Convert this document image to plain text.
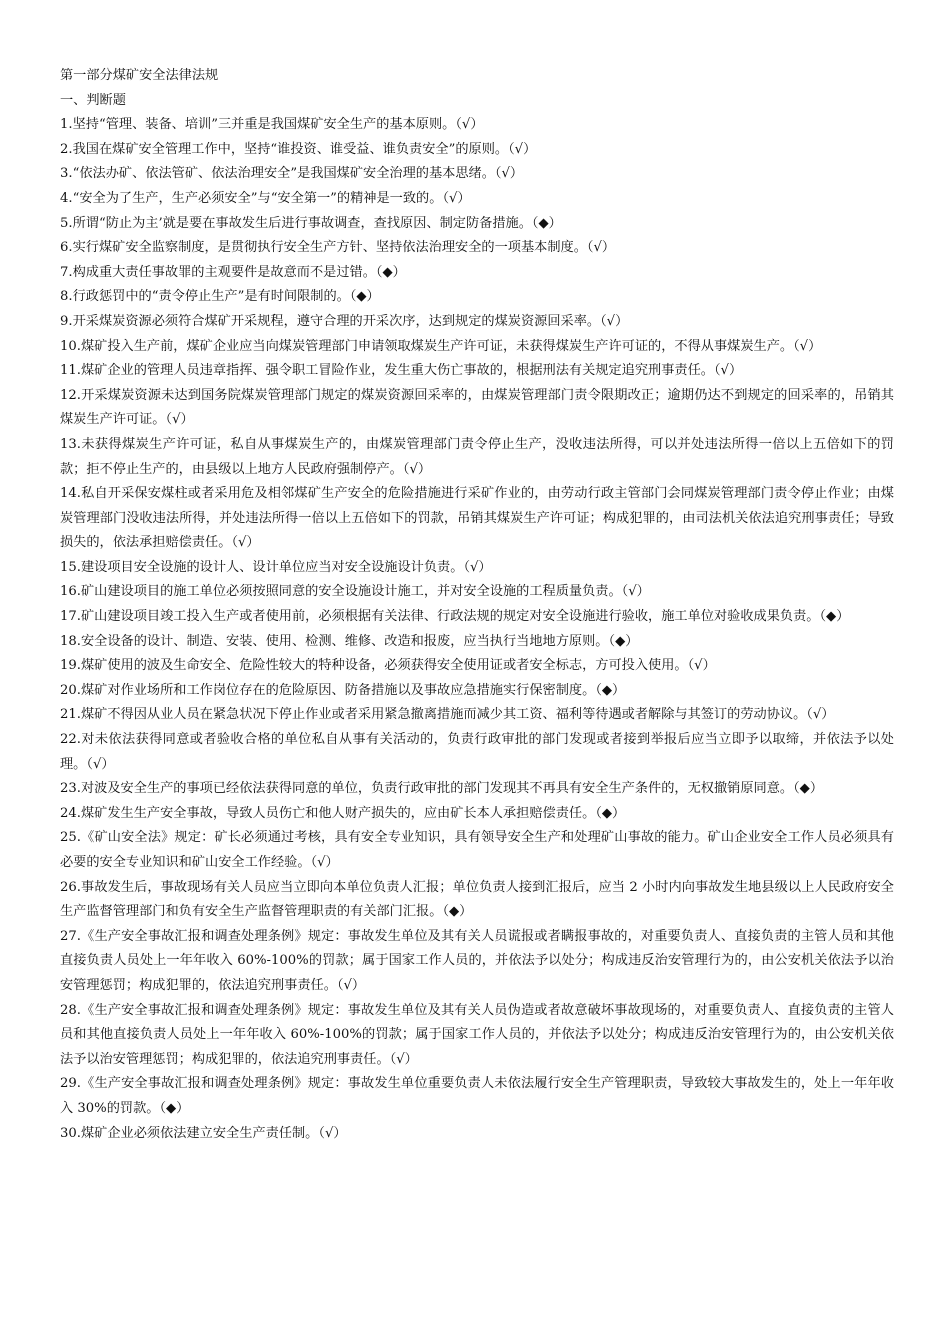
第一部分煤矿安全法律法规

一、判断题

1.坚持“管理、装备、培训”三并重是我国煤矿安全生产的基本原则。（√）

2.我国在煤矿安全管理工作中，坚持“谁投资、谁受益、谁负责安全”的原则。（√）

3.“依法办矿、依法管矿、依法治理安全”是我国煤矿安全治理的基本思绪。（√）

4.“安全为了生产，生产必须安全”与“安全第一”的精神是一致的。（√）

5.所谓“防止为主’就是要在事故发生后进行事故调查，查找原因、制定防备措施。（◆）

6.实行煤矿安全监察制度，是贯彻执行安全生产方针、坚持依法治理安全的一项基本制度。（√）

7.构成重大责任事故罪的主观要件是故意而不是过错。（◆）

8.行政惩罚中的“责令停止生产”是有时间限制的。（◆）

9.开采煤炭资源必须符合煤矿开采规程，遵守合理的开采次序，达到规定的煤炭资源回采率。（√）

10.煤矿投入生产前，煤矿企业应当向煤炭管理部门申请领取煤炭生产许可证，未获得煤炭生产许可证的，不得从事煤炭生产。（√）

11.煤矿企业的管理人员违章指挥、强令职工冒险作业，发生重大伤亡事故的，根据刑法有关规定追究刑事责任。（√）

12.开采煤炭资源未达到国务院煤炭管理部门规定的煤炭资源回采率的，由煤炭管理部门责令限期改正；逾期仍达不到规定的回采率的，吊销其煤炭生产许可证。（√）

13.未获得煤炭生产许可证，私自从事煤炭生产的，由煤炭管理部门责令停止生产，没收违法所得，可以并处违法所得一倍以上五倍如下的罚款；拒不停止生产的，由县级以上地方人民政府强制停产。（√）

14.私自开采保安煤柱或者采用危及相邻煤矿生产安全的危险措施进行采矿作业的，由劳动行政主管部门会同煤炭管理部门责令停止作业；由煤炭管理部门没收违法所得，并处违法所得一倍以上五倍如下的罚款，吊销其煤炭生产许可证；构成犯罪的，由司法机关依法追究刑事责任；导致损失的，依法承担赔偿责任。（√）

15.建设项目安全设施的设计人、设计单位应当对安全设施设计负责。（√）

16.矿山建设项目的施工单位必须按照同意的安全设施设计施工，并对安全设施的工程质量负责。（√）

17.矿山建设项目竣工投入生产或者使用前，必须根据有关法律、行政法规的规定对安全设施进行验收，施工单位对验收成果负责。（◆）

18.安全设备的设计、制造、安装、使用、检测、维修、改造和报废，应当执行当地地方原则。（◆）

19.煤矿使用的波及生命安全、危险性较大的特种设备，必须获得安全使用证或者安全标志，方可投入使用。（√）

20.煤矿对作业场所和工作岗位存在的危险原因、防备措施以及事故应急措施实行保密制度。（◆）

21.煤矿不得因从业人员在紧急状况下停止作业或者采用紧急撤离措施而减少其工资、福利等待遇或者解除与其签订的劳动协议。（√）

22.对未依法获得同意或者验收合格的单位私自从事有关活动的，负责行政审批的部门发现或者接到举报后应当立即予以取缔，并依法予以处理。（√）

23.对波及安全生产的事项已经依法获得同意的单位，负责行政审批的部门发现其不再具有安全生产条件的，无权撤销原同意。（◆）

24.煤矿发生生产安全事故，导致人员伤亡和他人财产损失的，应由矿长本人承担赔偿责任。（◆）

25.《矿山安全法》规定：矿长必须通过考核，具有安全专业知识，具有领导安全生产和处理矿山事故的能力。矿山企业安全工作人员必须具有必要的安全专业知识和矿山安全工作经验。（√）

26.事故发生后，事故现场有关人员应当立即向本单位负责人汇报；单位负责人接到汇报后，应当 2 小时内向事故发生地县级以上人民政府安全生产监督管理部门和负有安全生产监督管理职责的有关部门汇报。（◆）

27.《生产安全事故汇报和调查处理条例》规定：事故发生单位及其有关人员谎报或者瞒报事故的，对重要负责人、直接负责的主管人员和其他直接负责人员处上一年年收入 60%-100%的罚款；属于国家工作人员的，并依法予以处分；构成违反治安管理行为的，由公安机关依法予以治安管理惩罚；构成犯罪的，依法追究刑事责任。（√）

28.《生产安全事故汇报和调查处理条例》规定：事故发生单位及其有关人员伪造或者故意破坏事故现场的，对重要负责人、直接负责的主管人员和其他直接负责人员处上一年年收入 60%-100%的罚款；属于国家工作人员的，并依法予以处分；构成违反治安管理行为的，由公安机关依法予以治安管理惩罚；构成犯罪的，依法追究刑事责任。（√）

29.《生产安全事故汇报和调查处理条例》规定：事故发生单位重要负责人未依法履行安全生产管理职责，导致较大事故发生的，处上一年年收入 30%的罚款。（◆）

30.煤矿企业必须依法建立安全生产责任制。（√）
